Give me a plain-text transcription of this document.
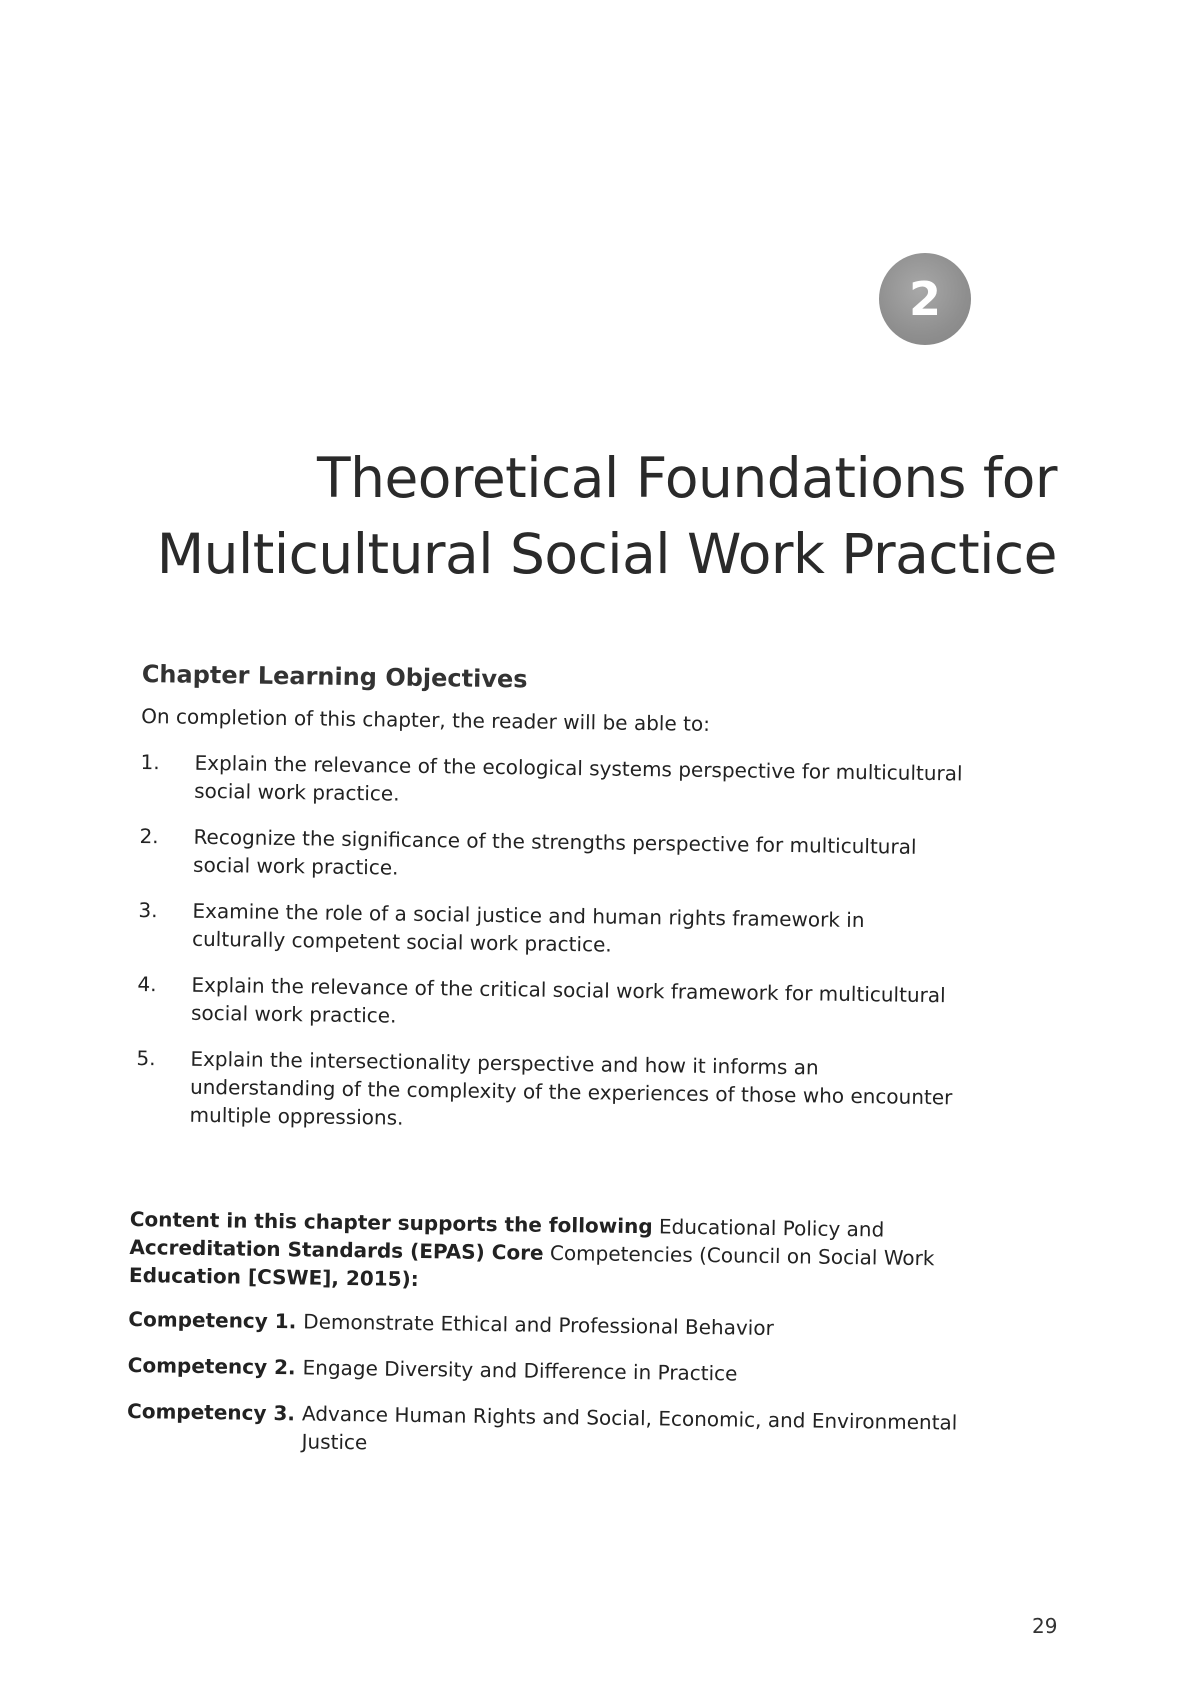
2
Theoretical Foundations for
Multicultural Social Work Practice
Chapter Learning Objectives

On completion of this chapter, the reader will be able to:

1.	Explain the relevance of the ecological systems perspective for multicultural social work practice.
2.	Recognize the significance of the strengths perspective for multicultural social work practice.
3.	Examine the role of a social justice and human rights framework in culturally competent social work practice.
4.	Explain the relevance of the critical social work framework for multicultural social work practice.
5.	Explain the intersectionality perspective and how it informs an understanding of the complexity of the experiences of those who encounter multiple oppressions.

Content in this chapter supports the following Educational Policy and Accreditation Standards (EPAS) Core Competencies (Council on Social Work Education [CSWE], 2015):

Competency 1. Demonstrate Ethical and Professional Behavior
Competency 2. Engage Diversity and Difference in Practice
Competency 3. Advance Human Rights and Social, Economic, and Environmental Justice
29
